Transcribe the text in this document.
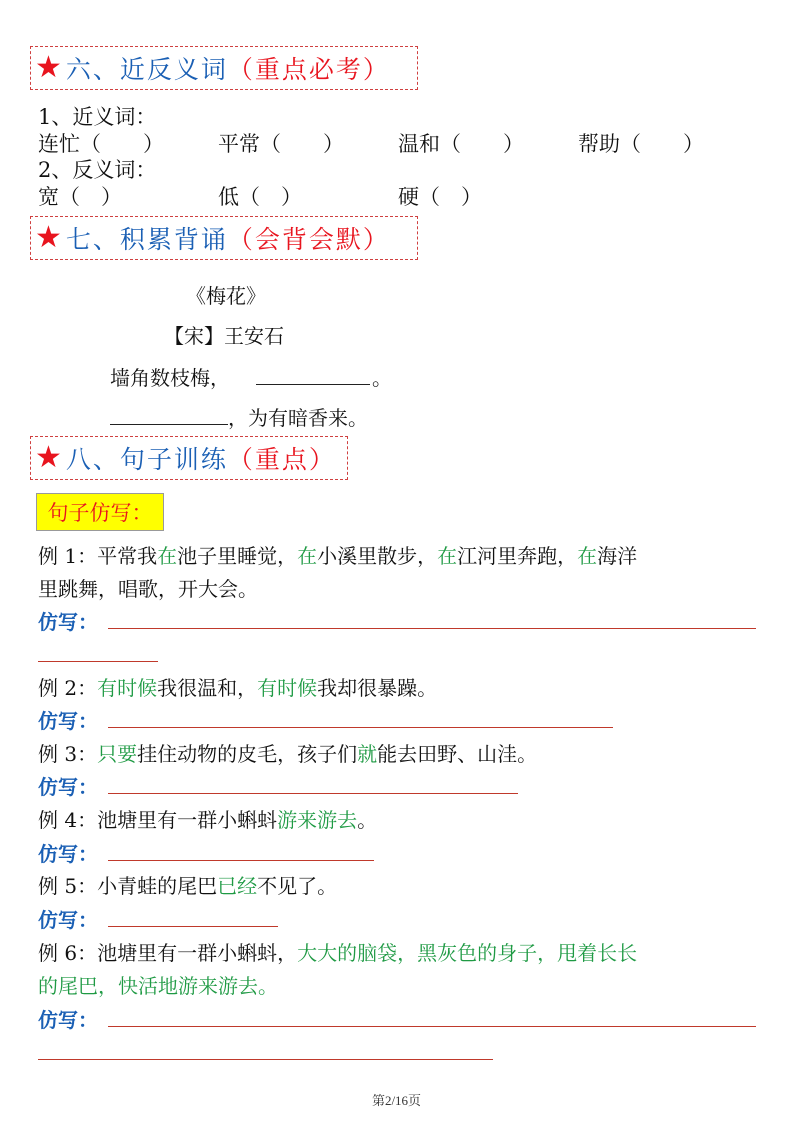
★ 六、近反义词 （重点必考）
1、近义词：
连忙（　　）	平常（　　）	温和（　　）	帮助（　　）
2、反义词：
宽（　）	低（　）	硬（　）
★ 七、积累背诵 （会背会默）
《梅花》
【宋】王安石
墙角数枝梅，	。
，为有暗香来。
★ 八、句子训练 （重点）
句子仿写：
例 1：平常我在池子里睡觉，在小溪里散步，在江河里奔跑，在海洋
里跳舞，唱歌，开大会。
仿写：
例 2：有时候我很温和，有时候我却很暴躁。
仿写：
例 3：只要挂住动物的皮毛，孩子们就能去田野、山洼。
仿写：
例 4：池塘里有一群小蝌蚪游来游去。
仿写：
例 5：小青蛙的尾巴已经不见了。
仿写：
例 6：池塘里有一群小蝌蚪，大大的脑袋，黑灰色的身子，甩着长长
的尾巴，快活地游来游去。
仿写：
第2/16页
